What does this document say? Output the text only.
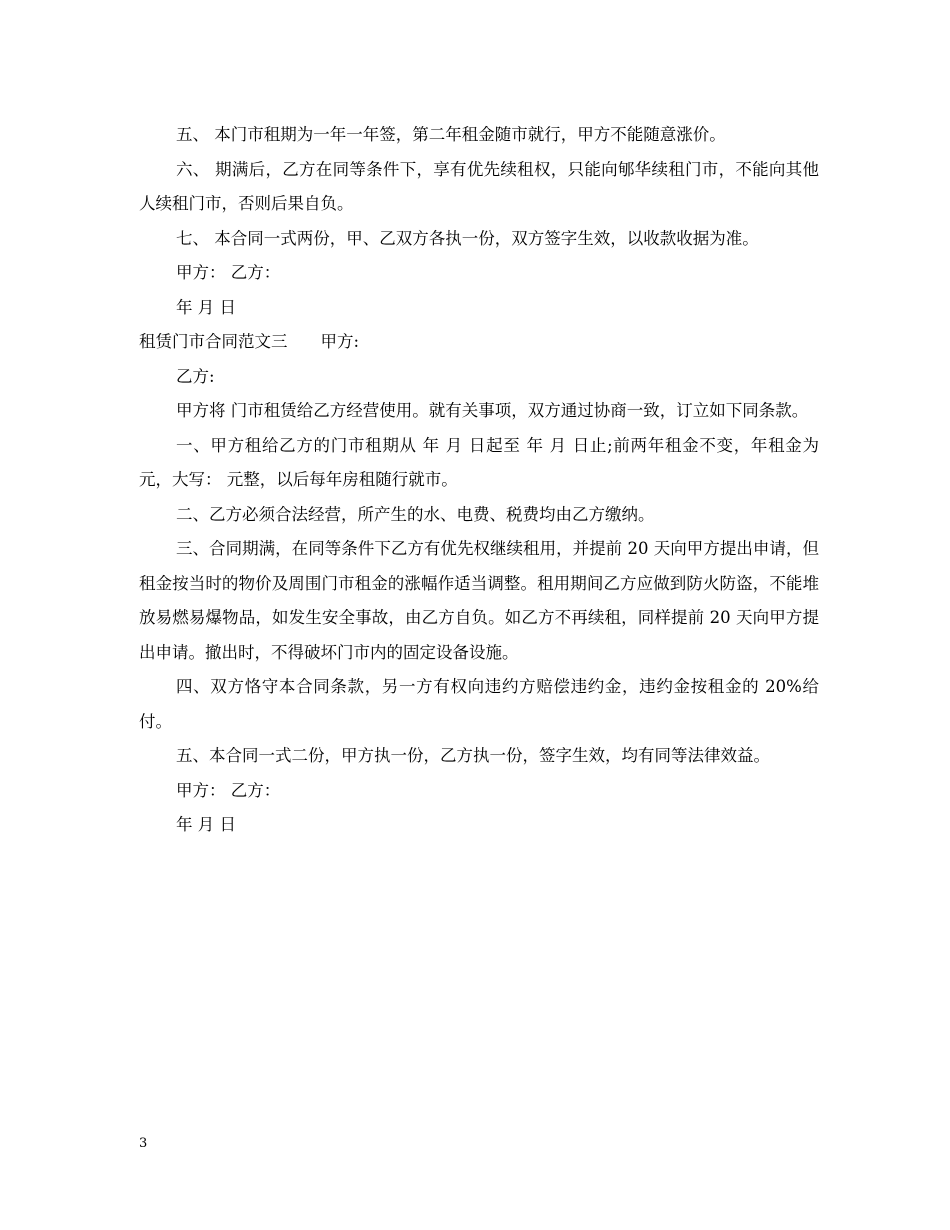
五、 本门市租期为一年一年签，第二年租金随市就行，甲方不能随意涨价。

六、 期满后，乙方在同等条件下，享有优先续租权，只能向郇华续租门市，不能向其他人续租门市，否则后果自负。

七、 本合同一式两份，甲、乙双方各执一份，双方签字生效，以收款收据为准。

甲方： 乙方：

年 月 日

租赁门市合同范文三　　甲方:

乙方:

甲方将 门市租赁给乙方经营使用。就有关事项，双方通过协商一致，订立如下同条款。

一、甲方租给乙方的门市租期从 年 月 日起至 年 月 日止;前两年租金不变，年租金为 元，大写： 元整，以后每年房租随行就市。

二、乙方必须合法经营，所产生的水、电费、税费均由乙方缴纳。

三、合同期满，在同等条件下乙方有优先权继续租用，并提前 20 天向甲方提出申请，但租金按当时的物价及周围门市租金的涨幅作适当调整。租用期间乙方应做到防火防盗，不能堆放易燃易爆物品，如发生安全事故，由乙方自负。如乙方不再续租，同样提前 20 天向甲方提出申请。撤出时，不得破坏门市内的固定设备设施。

四、双方恪守本合同条款，另一方有权向违约方赔偿违约金，违约金按租金的 20%给付。

五、本合同一式二份，甲方执一份，乙方执一份，签字生效，均有同等法律效益。

甲方： 乙方：

年 月 日

3
